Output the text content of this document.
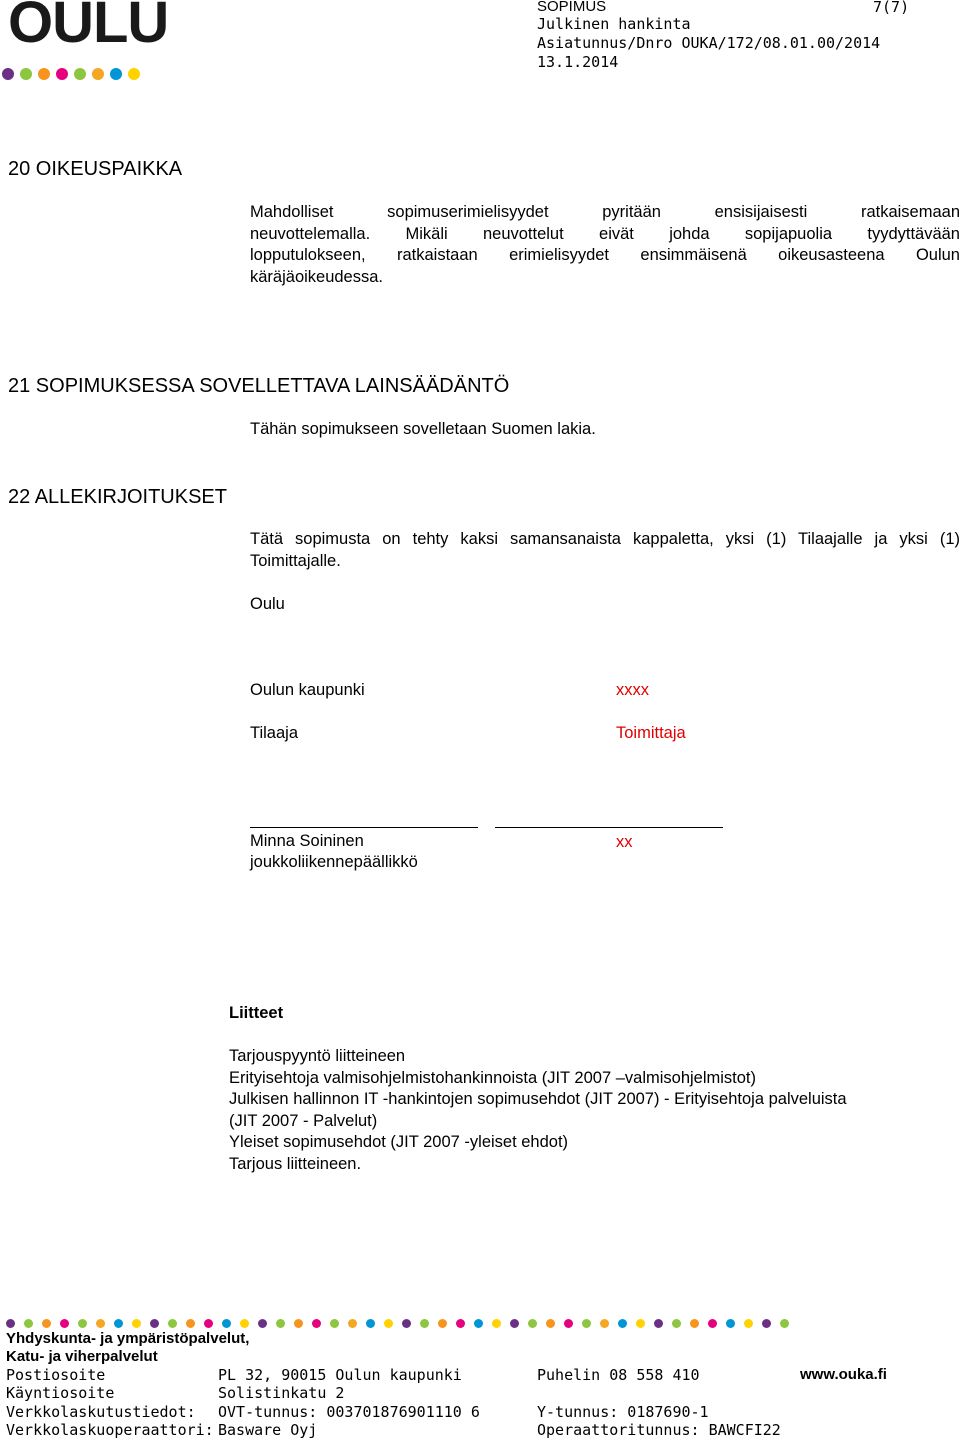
OULU	SOPIMUS	7(7)
Julkinen hankinta
Asiatunnus/Dnro OUKA/172/08.01.00/2014
13.1.2014
20 OIKEUSPAIKKA
Mahdolliset sopimuserimielisyydet pyritään ensisijaisesti ratkaisemaan
neuvottelemalla. Mikäli neuvottelut eivät johda sopijapuolia tyydyttävään
lopputulokseen, ratkaistaan erimielisyydet ensimmäisenä oikeusasteena Oulun
käräjäoikeudessa.
21 SOPIMUKSESSA SOVELLETTAVA LAINSÄÄDÄNTÖ
Tähän sopimukseen sovelletaan Suomen lakia.
22 ALLEKIRJOITUKSET
Tätä sopimusta on tehty kaksi samansanaista kappaletta, yksi (1) Tilaajalle ja yksi (1)
Toimittajalle.
Oulu
Oulun kaupunki	xxxx
Tilaaja	Toimittaja
Minna Soininen	xx
joukkoliikennepäällikkö
Liitteet
Tarjouspyyntö liitteineen
Erityisehtoja valmisohjelmistohankinnoista (JIT 2007 –valmisohjelmistot)
Julkisen hallinnon IT -hankintojen sopimusehdot (JIT 2007) - Erityisehtoja palveluista
(JIT 2007 - Palvelut)
Yleiset sopimusehdot (JIT 2007 -yleiset ehdot)
Tarjous liitteineen.
Yhdyskunta- ja ympäristöpalvelut,
Katu- ja viherpalvelut
Postiosoite	PL 32, 90015 Oulun kaupunki	Puhelin 08 558 410	www.ouka.fi
Käyntiosoite	Solistinkatu 2
Verkkolaskutustiedot: OVT-tunnus: 003701876901110 6	Y-tunnus: 0187690-1
Verkkolaskuoperaattori: Basware Oyj	Operaattoritunnus: BAWCFI22
